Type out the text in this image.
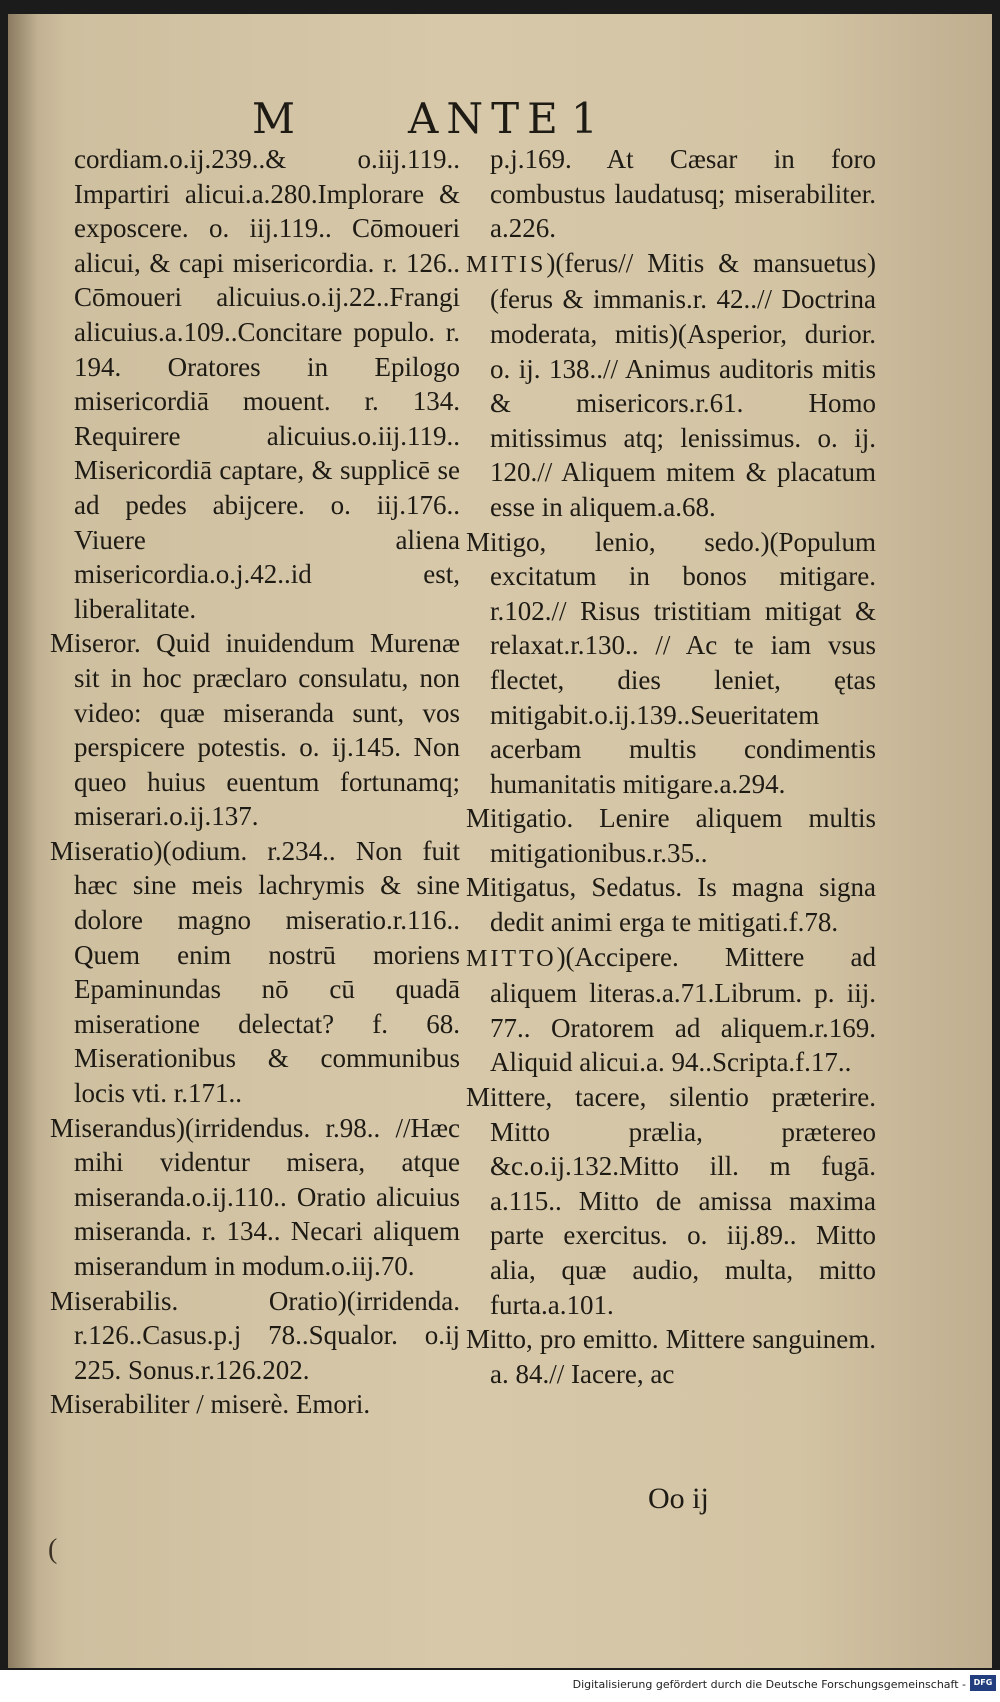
M	ANTE 1
cordiam.o.ij.239..& o.iij.119.. Impartiri alicui.a.280.Implorare & exposcere. o. iij.119.. Cōmoueri alicui, & capi misericordia. r. 126.. Cōmoueri alicuius.o.ij.22..Frangi alicuius.a.109..Concitare populo. r. 194. Oratores in Epilogo misericordiā mouent. r. 134. Requirere alicuius.o.iij.119.. Misericordiā captare, & supplicē se ad pedes abijcere. o. iij.176.. Viuere aliena misericordia.o.j.42..id est, liberalitate.
Miseror. Quid inuidendum Murenæ sit in hoc præclaro consulatu, non video: quæ miseranda sunt, vos perspicere potestis. o. ij.145. Non queo huius euentum fortunamq; miserari.o.ij.137.
Miseratio)(odium. r.234.. Non fuit hæc sine meis lachrymis & sine dolore magno miseratio.r.116.. Quem enim nostrū moriens Epaminundas nō cū quadā miseratione delectat? f. 68. Miserationibus & communibus locis vti. r.171..
Miserandus)(irridendus. r.98.. //Hæc mihi videntur misera, atque miseranda.o.ij.110.. Oratio alicuius miseranda. r. 134.. Necari aliquem miserandum in modum.o.iij.70.
Miserabilis. Oratio)(irridenda. r.126..Casus.p.j 78..Squalor. o.ij 225. Sonus.r.126.202.
Miserabiliter / miserè. Emori.
p.j.169. At Cæsar in foro combustus laudatusq; miserabiliter. a.226.
MITIS)(ferus// Mitis & mansuetus)(ferus & immanis.r. 42..// Doctrina moderata, mitis)(Asperior, durior. o. ij. 138..// Animus auditoris mitis & misericors.r.61. Homo mitissimus atq; lenissimus. o. ij. 120.// Aliquem mitem & placatum esse in aliquem.a.68.
Mitigo, lenio, sedo.)(Populum excitatum in bonos mitigare. r.102.// Risus tristitiam mitigat & relaxat.r.130.. // Ac te iam vsus flectet, dies leniet, ętas mitigabit.o.ij.139..Seueritatem acerbam multis condimentis humanitatis mitigare.a.294.
Mitigatio. Lenire aliquem multis mitigationibus.r.35..
Mitigatus, Sedatus. Is magna signa dedit animi erga te mitigati.f.78.
MITTO)(Accipere. Mittere ad aliquem literas.a.71.Librum. p. iij. 77.. Oratorem ad aliquem.r.169. Aliquid alicui.a. 94..Scripta.f.17..
Mittere, tacere, silentio præterire. Mitto prælia, prætereo &c.o.ij.132.Mitto ill. m fugā. a.115.. Mitto de amissa maxima parte exercitus. o. iij.89.. Mitto alia, quæ audio, multa, mitto furta.a.101.
Mitto, pro emitto. Mittere sanguinem. a. 84.// Iacere, ac
Oo ij
(
Digitalisierung gefördert durch die Deutsche Forschungsgemeinschaft - DFG
